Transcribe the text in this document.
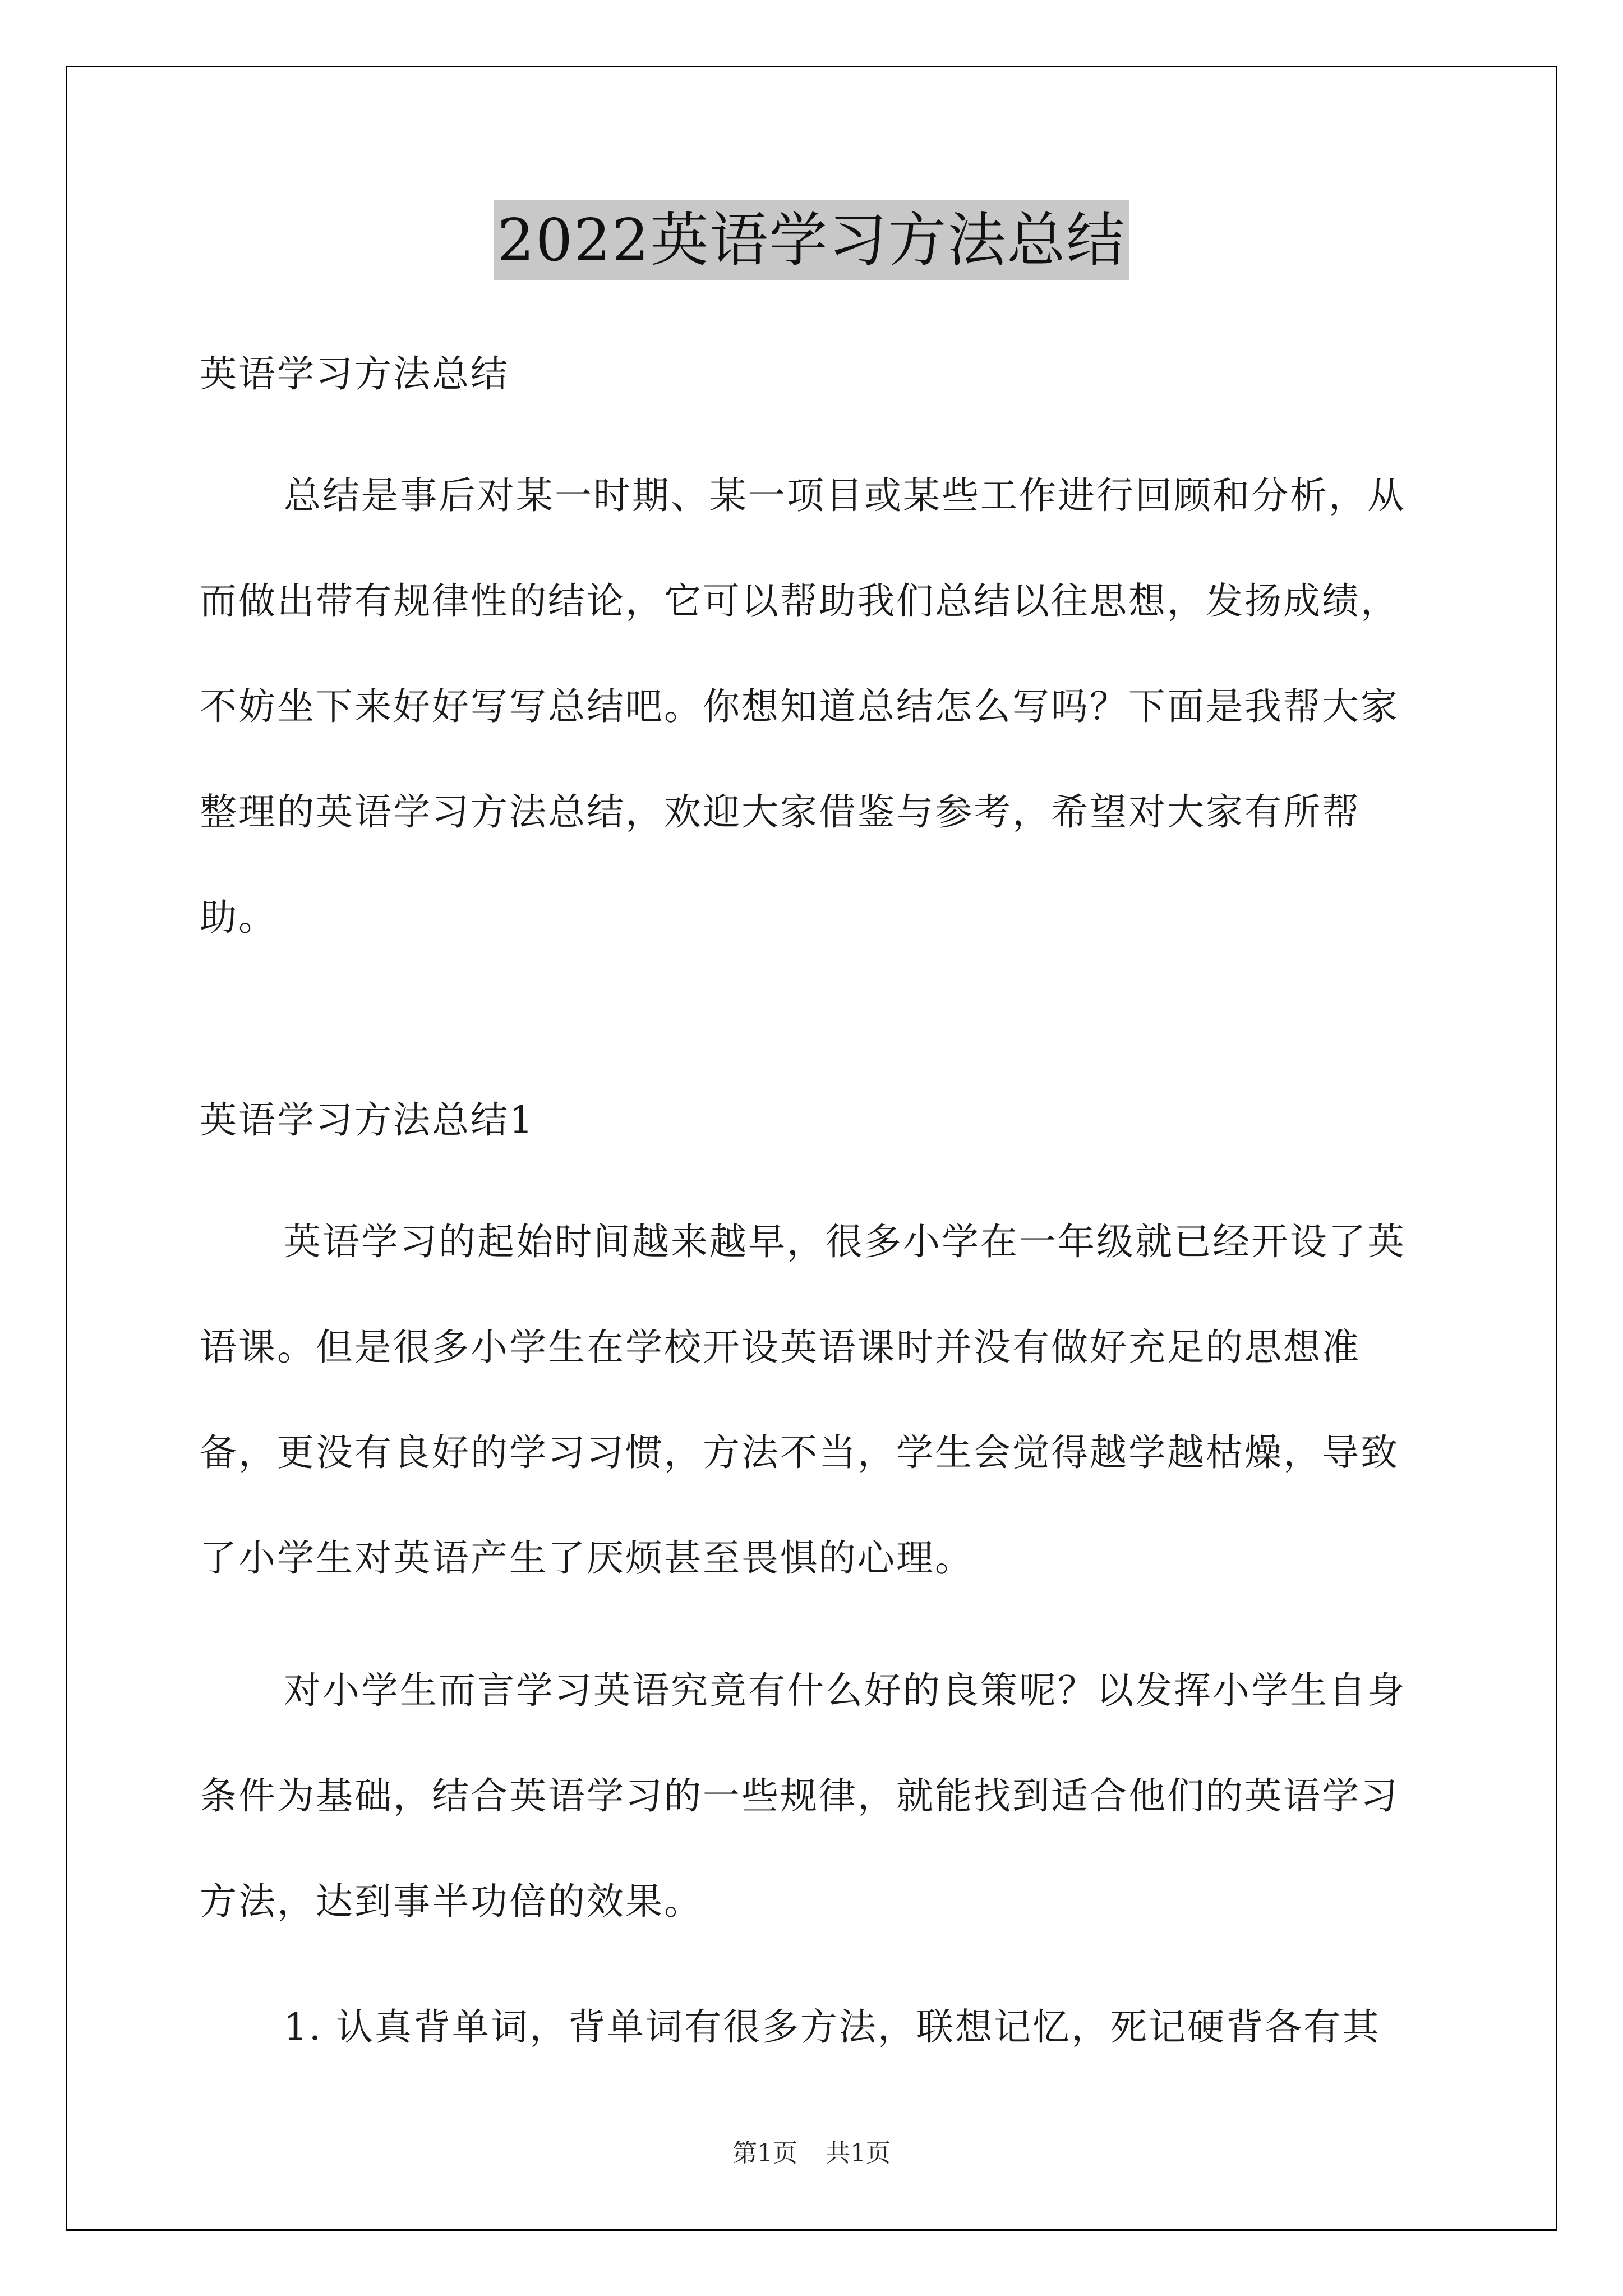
2022英语学习方法总结

英语学习方法总结

总结是事后对某一时期、某一项目或某些工作进行回顾和分析，从而做出带有规律性的结论，它可以帮助我们总结以往思想，发扬成绩，不妨坐下来好好写写总结吧。你想知道总结怎么写吗？下面是我帮大家整理的英语学习方法总结，欢迎大家借鉴与参考，希望对大家有所帮助。

英语学习方法总结1

英语学习的起始时间越来越早，很多小学在一年级就已经开设了英语课。但是很多小学生在学校开设英语课时并没有做好充足的思想准备，更没有良好的学习习惯，方法不当，学生会觉得越学越枯燥，导致了小学生对英语产生了厌烦甚至畏惧的心理。

对小学生而言学习英语究竟有什么好的良策呢？以发挥小学生自身条件为基础，结合英语学习的一些规律，就能找到适合他们的英语学习方法，达到事半功倍的效果。

1. 认真背单词，背单词有很多方法，联想记忆，死记硬背各有其

第1页 共1页
